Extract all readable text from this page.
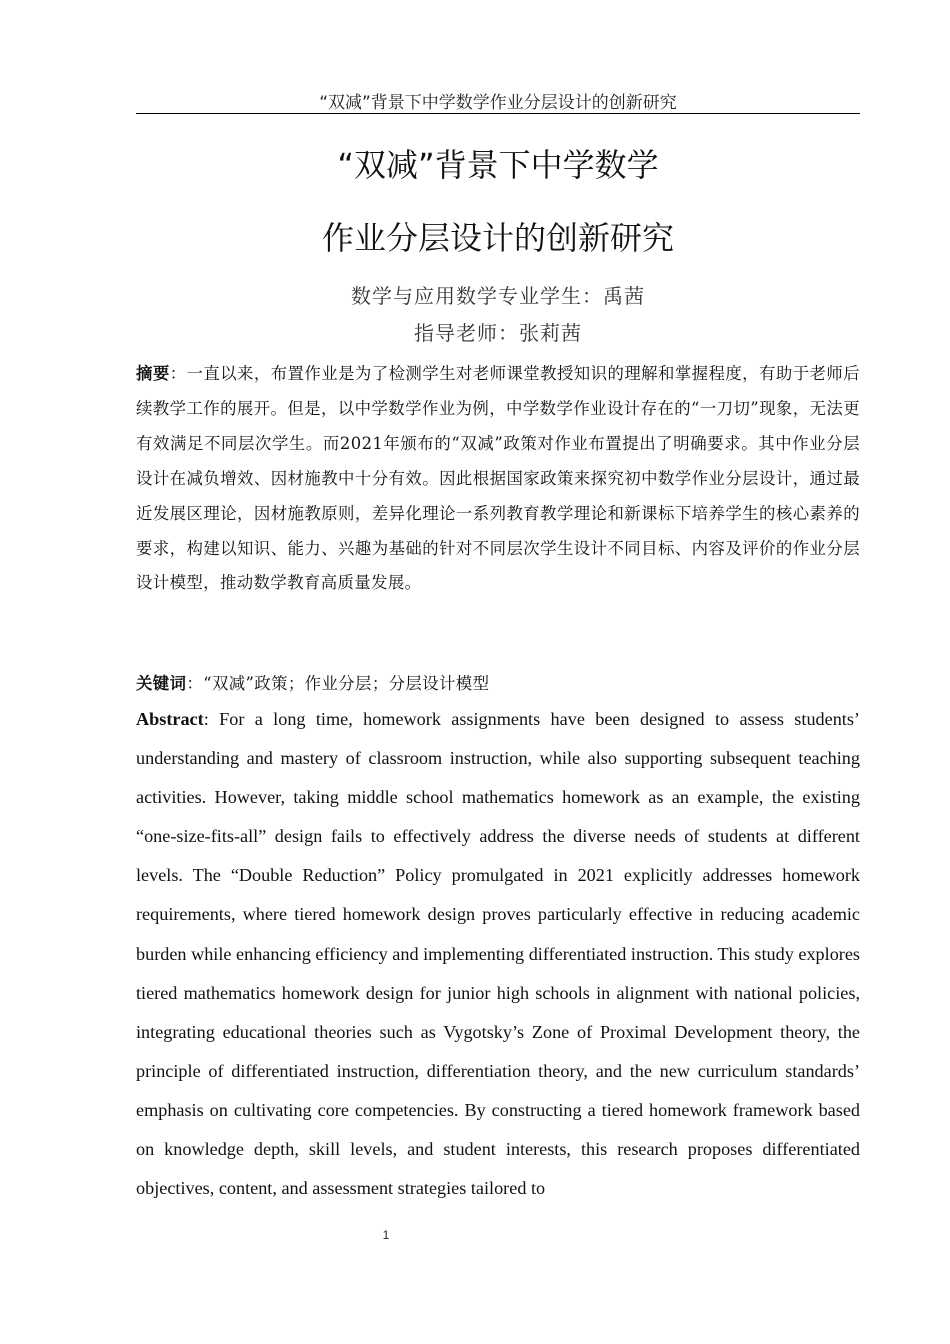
“双减”背景下中学数学作业分层设计的创新研究
“双减”背景下中学数学
作业分层设计的创新研究
数学与应用数学专业学生：禹茜
指导老师：张莉茜
摘要：一直以来，布置作业是为了检测学生对老师课堂教授知识的理解和掌握程度，有助于老师后续教学工作的展开。但是，以中学数学作业为例，中学数学作业设计存在的“一刀切”现象，无法更有效满足不同层次学生。而2021年颁布的“双减”政策对作业布置提出了明确要求。其中作业分层设计在减负增效、因材施教中十分有效。因此根据国家政策来探究初中数学作业分层设计，通过最近发展区理论，因材施教原则，差异化理论一系列教育教学理论和新课标下培养学生的核心素养的要求，构建以知识、能力、兴趣为基础的针对不同层次学生设计不同目标、内容及评价的作业分层设计模型，推动数学教育高质量发展。
关键词：“双减”政策；作业分层；分层设计模型
Abstract: For a long time, homework assignments have been designed to assess students’ understanding and mastery of classroom instruction, while also supporting subsequent teaching activities. However, taking middle school mathematics homework as an example, the existing “one-size-fits-all” design fails to effectively address the diverse needs of students at different levels. The “Double Reduction” Policy promulgated in 2021 explicitly addresses homework requirements, where tiered homework design proves particularly effective in reducing academic burden while enhancing efficiency and implementing differentiated instruction. This study explores tiered mathematics homework design for junior high schools in alignment with national policies, integrating educational theories such as Vygotsky’s Zone of Proximal Development theory, the principle of differentiated instruction, differentiation theory, and the new curriculum standards’ emphasis on cultivating core competencies. By constructing a tiered homework framework based on knowledge depth, skill levels, and student interests, this research proposes differentiated objectives, content, and assessment strategies tailored to
1
